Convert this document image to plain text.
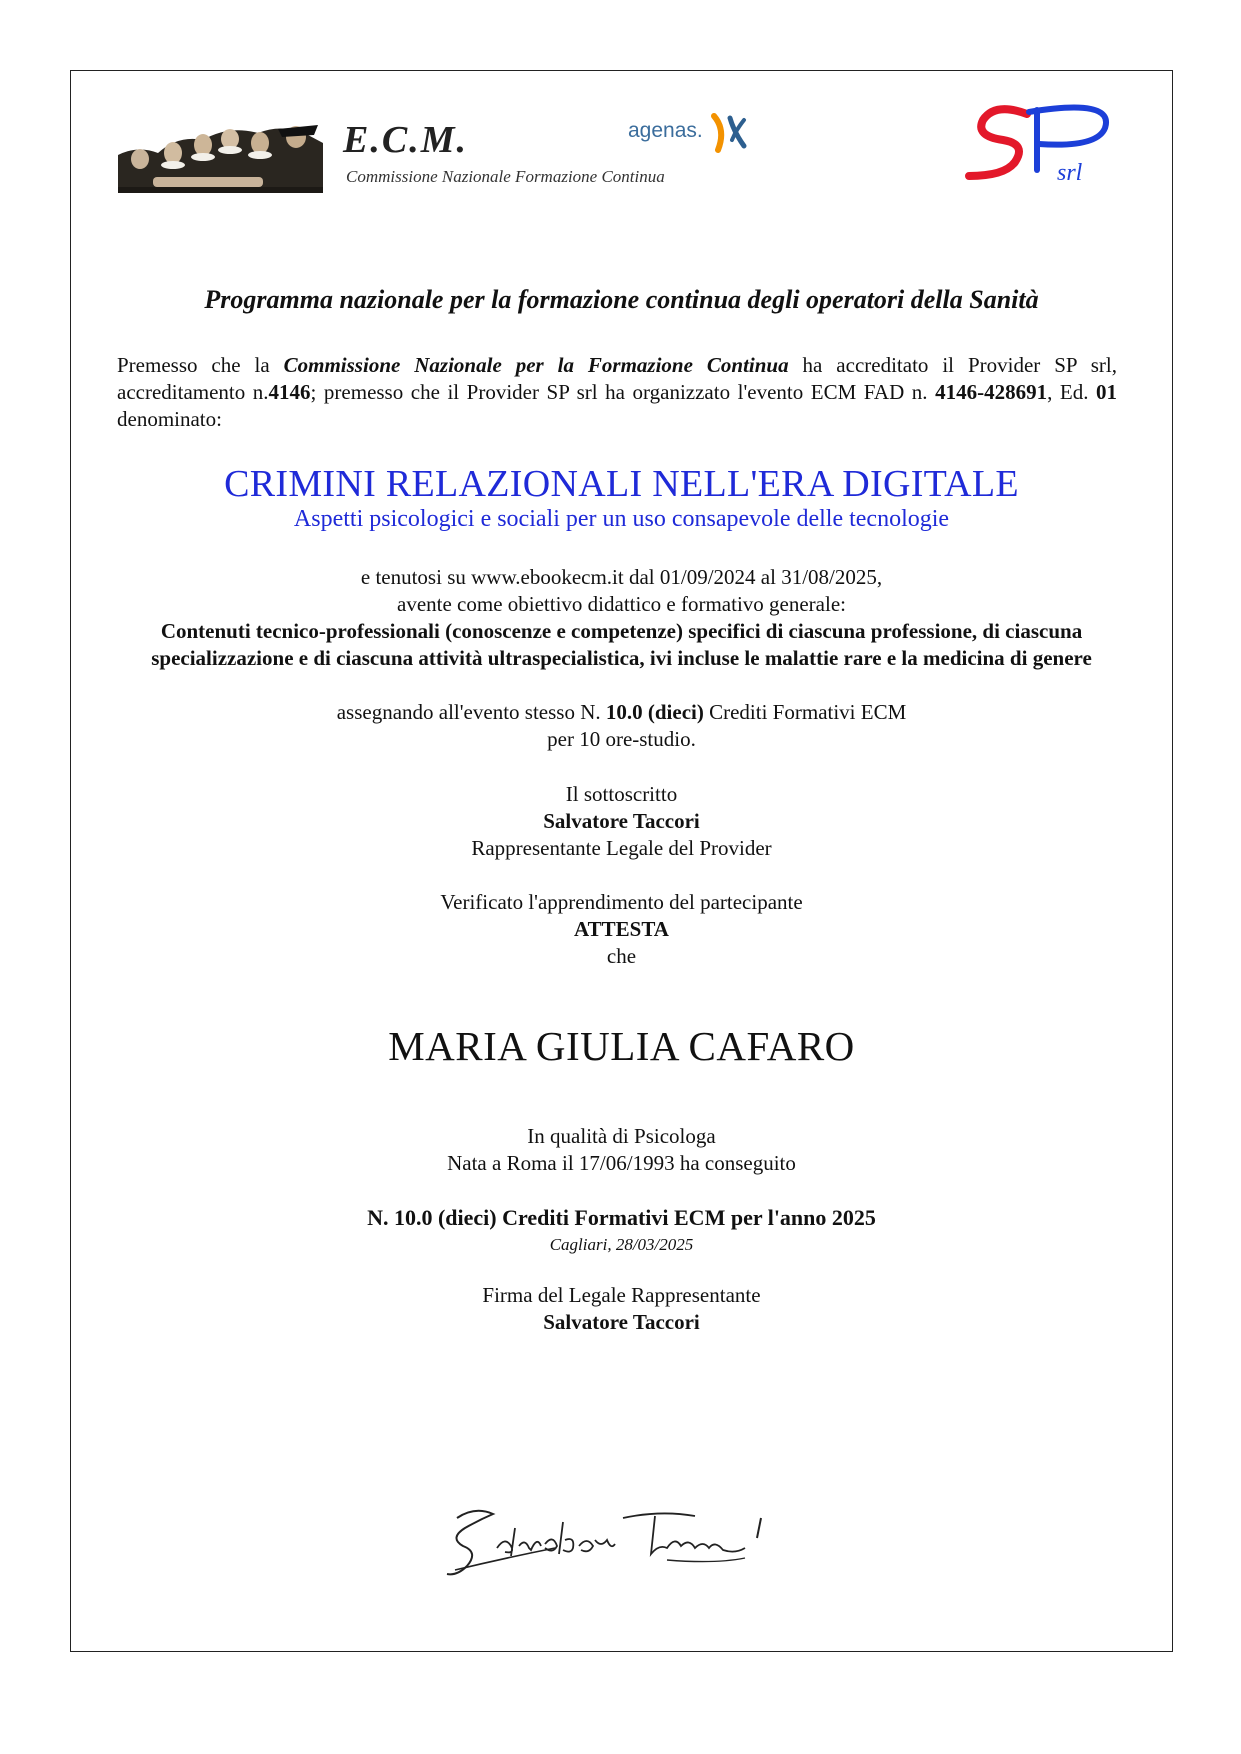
E.C.M.
Commissione Nazionale Formazione Continua
agenas.
srl
Programma nazionale per la formazione continua degli operatori della Sanità
Premesso che la Commissione Nazionale per la Formazione Continua ha accreditato il Provider SP srl, accreditamento n.4146; premesso che il Provider SP srl ha organizzato l'evento ECM FAD n. 4146-428691, Ed. 01 denominato:
CRIMINI RELAZIONALI NELL'ERA DIGITALE
Aspetti psicologici e sociali per un uso consapevole delle tecnologie
e tenutosi su www.ebookecm.it dal 01/09/2024 al 31/08/2025,
avente come obiettivo didattico e formativo generale:
Contenuti tecnico-professionali (conoscenze e competenze) specifici di ciascuna professione, di ciascuna specializzazione e di ciascuna attività ultraspecialistica, ivi incluse le malattie rare e la medicina di genere
assegnando all'evento stesso N. 10.0 (dieci) Crediti Formativi ECM
per 10 ore-studio.
Il sottoscritto
Salvatore Taccori
Rappresentante Legale del Provider
Verificato l'apprendimento del partecipante
ATTESTA
che
MARIA GIULIA CAFARO
In qualità di Psicologa
Nata a Roma il 17/06/1993 ha conseguito
N. 10.0 (dieci) Crediti Formativi ECM per l'anno 2025
Cagliari, 28/03/2025
Firma del Legale Rappresentante
Salvatore Taccori
